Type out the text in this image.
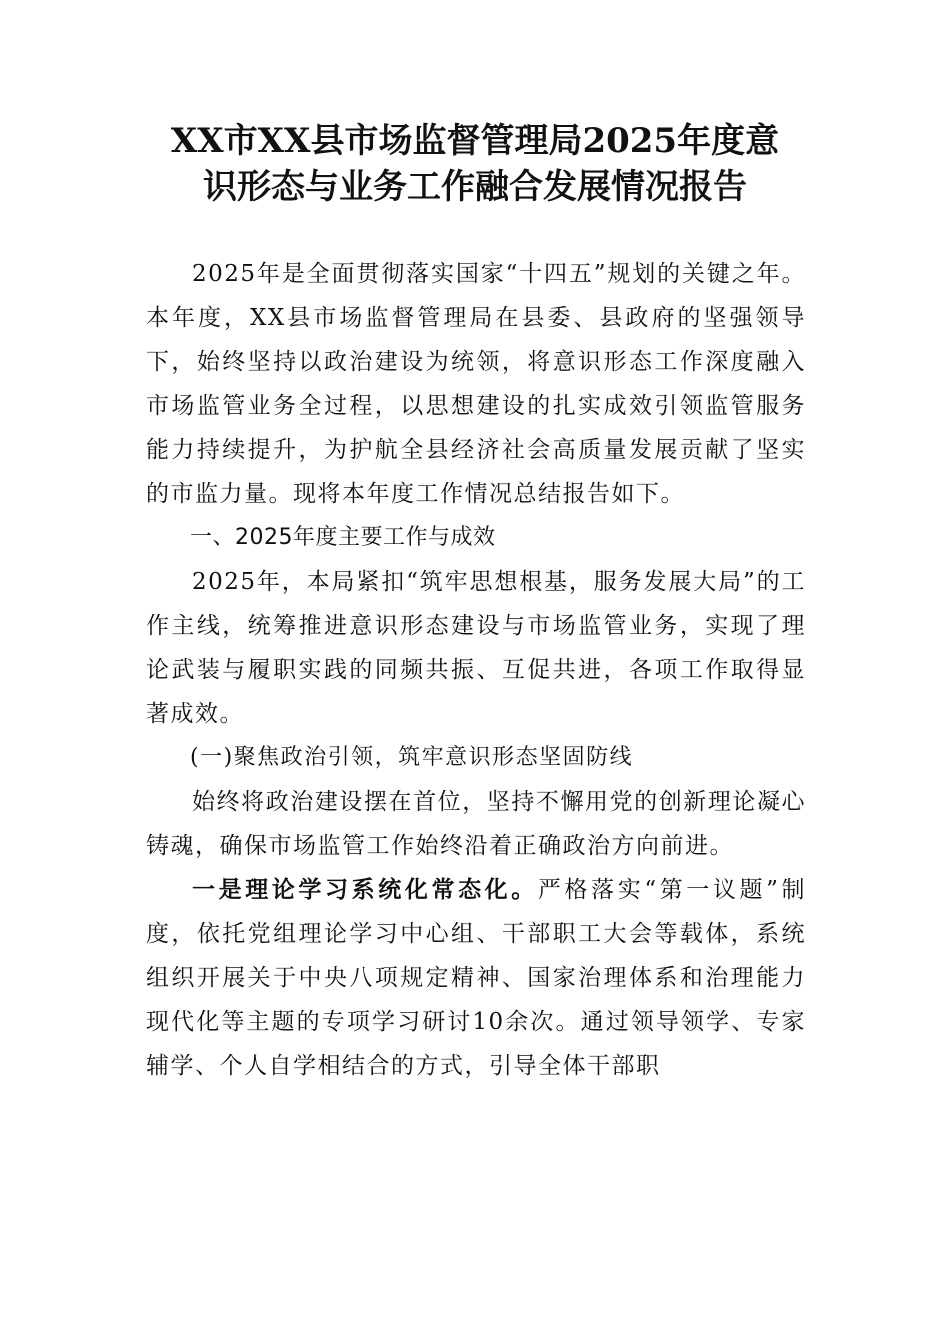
XX市XX县市场监督管理局2025年度意
识形态与业务工作融合发展情况报告

2025年是全面贯彻落实国家“十四五”规划的关键之年。本年度，XX县市场监督管理局在县委、县政府的坚强领导下，始终坚持以政治建设为统领，将意识形态工作深度融入市场监管业务全过程，以思想建设的扎实成效引领监管服务能力持续提升，为护航全县经济社会高质量发展贡献了坚实的市监力量。现将本年度工作情况总结报告如下。

一、2025年度主要工作与成效

2025年，本局紧扣“筑牢思想根基，服务发展大局”的工作主线，统筹推进意识形态建设与市场监管业务，实现了理论武装与履职实践的同频共振、互促共进，各项工作取得显著成效。

(一)聚焦政治引领，筑牢意识形态坚固防线

始终将政治建设摆在首位，坚持不懈用党的创新理论凝心铸魂，确保市场监管工作始终沿着正确政治方向前进。

一是理论学习系统化常态化。严格落实“第一议题”制度，依托党组理论学习中心组、干部职工大会等载体，系统组织开展关于中央八项规定精神、国家治理体系和治理能力现代化等主题的专项学习研讨10余次。通过领导领学、专家辅学、个人自学相结合的方式，引导全体干部职
